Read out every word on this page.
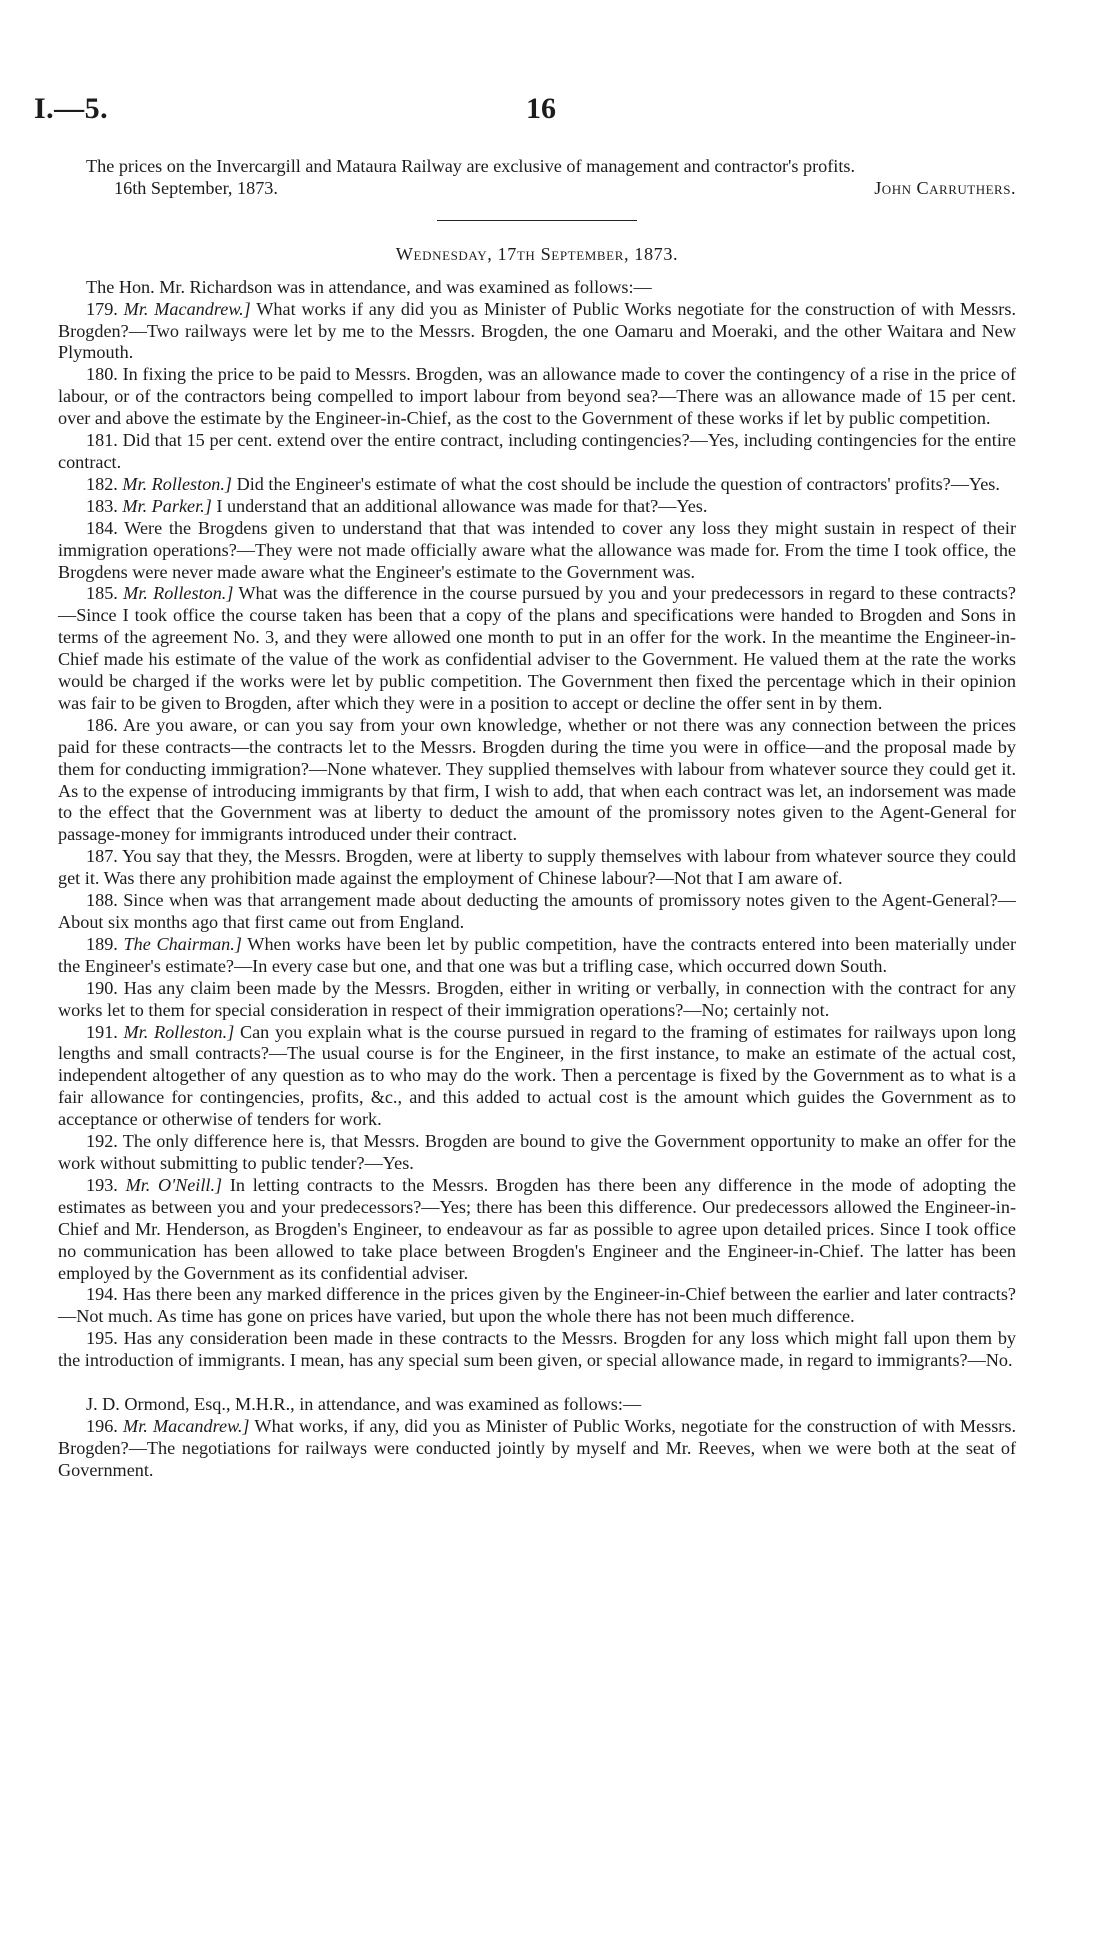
I.—5.	16

The prices on the Invercargill and Mataura Railway are exclusive of management and contractor's profits.

16th September, 1873.	John Carruthers.
Wednesday, 17th September, 1873.

The Hon. Mr. Richardson was in attendance, and was examined as follows:—

179. Mr. Macandrew.] What works if any did you as Minister of Public Works negotiate for the construction of with Messrs. Brogden?—Two railways were let by me to the Messrs. Brogden, the one Oamaru and Moeraki, and the other Waitara and New Plymouth.

180. In fixing the price to be paid to Messrs. Brogden, was an allowance made to cover the contingency of a rise in the price of labour, or of the contractors being compelled to import labour from beyond sea?—There was an allowance made of 15 per cent. over and above the estimate by the Engineer-in-Chief, as the cost to the Government of these works if let by public competition.

181. Did that 15 per cent. extend over the entire contract, including contingencies?—Yes, including contingencies for the entire contract.

182. Mr. Rolleston.] Did the Engineer's estimate of what the cost should be include the question of contractors' profits?—Yes.

183. Mr. Parker.] I understand that an additional allowance was made for that?—Yes.

184. Were the Brogdens given to understand that that was intended to cover any loss they might sustain in respect of their immigration operations?—They were not made officially aware what the allowance was made for. From the time I took office, the Brogdens were never made aware what the Engineer's estimate to the Government was.

185. Mr. Rolleston.] What was the difference in the course pursued by you and your predecessors in regard to these contracts?—Since I took office the course taken has been that a copy of the plans and specifications were handed to Brogden and Sons in terms of the agreement No. 3, and they were allowed one month to put in an offer for the work. In the meantime the Engineer-in-Chief made his estimate of the value of the work as confidential adviser to the Government. He valued them at the rate the works would be charged if the works were let by public competition. The Government then fixed the percentage which in their opinion was fair to be given to Brogden, after which they were in a position to accept or decline the offer sent in by them.

186. Are you aware, or can you say from your own knowledge, whether or not there was any connection between the prices paid for these contracts—the contracts let to the Messrs. Brogden during the time you were in office—and the proposal made by them for conducting immigration?—None whatever. They supplied themselves with labour from whatever source they could get it. As to the expense of introducing immigrants by that firm, I wish to add, that when each contract was let, an indorsement was made to the effect that the Government was at liberty to deduct the amount of the promissory notes given to the Agent-General for passage-money for immigrants introduced under their contract.

187. You say that they, the Messrs. Brogden, were at liberty to supply themselves with labour from whatever source they could get it. Was there any prohibition made against the employment of Chinese labour?—Not that I am aware of.

188. Since when was that arrangement made about deducting the amounts of promissory notes given to the Agent-General?—About six months ago that first came out from England.

189. The Chairman.] When works have been let by public competition, have the contracts entered into been materially under the Engineer's estimate?—In every case but one, and that one was but a trifling case, which occurred down South.

190. Has any claim been made by the Messrs. Brogden, either in writing or verbally, in connection with the contract for any works let to them for special consideration in respect of their immigration operations?—No; certainly not.

191. Mr. Rolleston.] Can you explain what is the course pursued in regard to the framing of estimates for railways upon long lengths and small contracts?—The usual course is for the Engineer, in the first instance, to make an estimate of the actual cost, independent altogether of any question as to who may do the work. Then a percentage is fixed by the Government as to what is a fair allowance for contingencies, profits, &c., and this added to actual cost is the amount which guides the Government as to acceptance or otherwise of tenders for work.

192. The only difference here is, that Messrs. Brogden are bound to give the Government opportunity to make an offer for the work without submitting to public tender?—Yes.

193. Mr. O'Neill.] In letting contracts to the Messrs. Brogden has there been any difference in the mode of adopting the estimates as between you and your predecessors?—Yes; there has been this difference. Our predecessors allowed the Engineer-in-Chief and Mr. Henderson, as Brogden's Engineer, to endeavour as far as possible to agree upon detailed prices. Since I took office no communication has been allowed to take place between Brogden's Engineer and the Engineer-in-Chief. The latter has been employed by the Government as its confidential adviser.

194. Has there been any marked difference in the prices given by the Engineer-in-Chief between the earlier and later contracts?—Not much. As time has gone on prices have varied, but upon the whole there has not been much difference.

195. Has any consideration been made in these contracts to the Messrs. Brogden for any loss which might fall upon them by the introduction of immigrants. I mean, has any special sum been given, or special allowance made, in regard to immigrants?—No.

J. D. Ormond, Esq., M.H.R., in attendance, and was examined as follows:—

196. Mr. Macandrew.] What works, if any, did you as Minister of Public Works, negotiate for the construction of with Messrs. Brogden?—The negotiations for railways were conducted jointly by myself and Mr. Reeves, when we were both at the seat of Government.
